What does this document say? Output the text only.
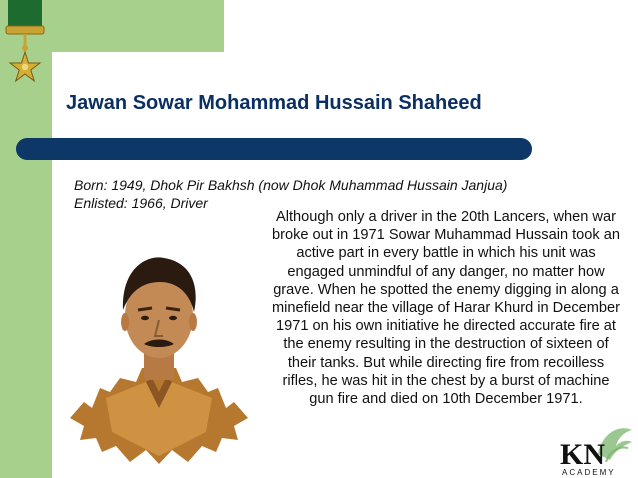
Jawan Sowar Mohammad Hussain Shaheed
Born: 1949, Dhok Pir Bakhsh (now Dhok Muhammad Hussain Janjua)
Enlisted: 1966, Driver

Although only a driver in the 20th Lancers, when war broke out in 1971 Sowar Muhammad Hussain took an active part in every battle in which his unit was engaged unmindful of any danger, no matter how grave. When he spotted the enemy digging in along a minefield near the village of Harar Khurd in December 1971 on his own initiative he directed accurate fire at the enemy resulting in the destruction of sixteen of their tanks. But while directing fire from recoilless rifles, he was hit in the chest by a burst of machine gun fire and died on 10th December 1971.

KN
ACADEMY
